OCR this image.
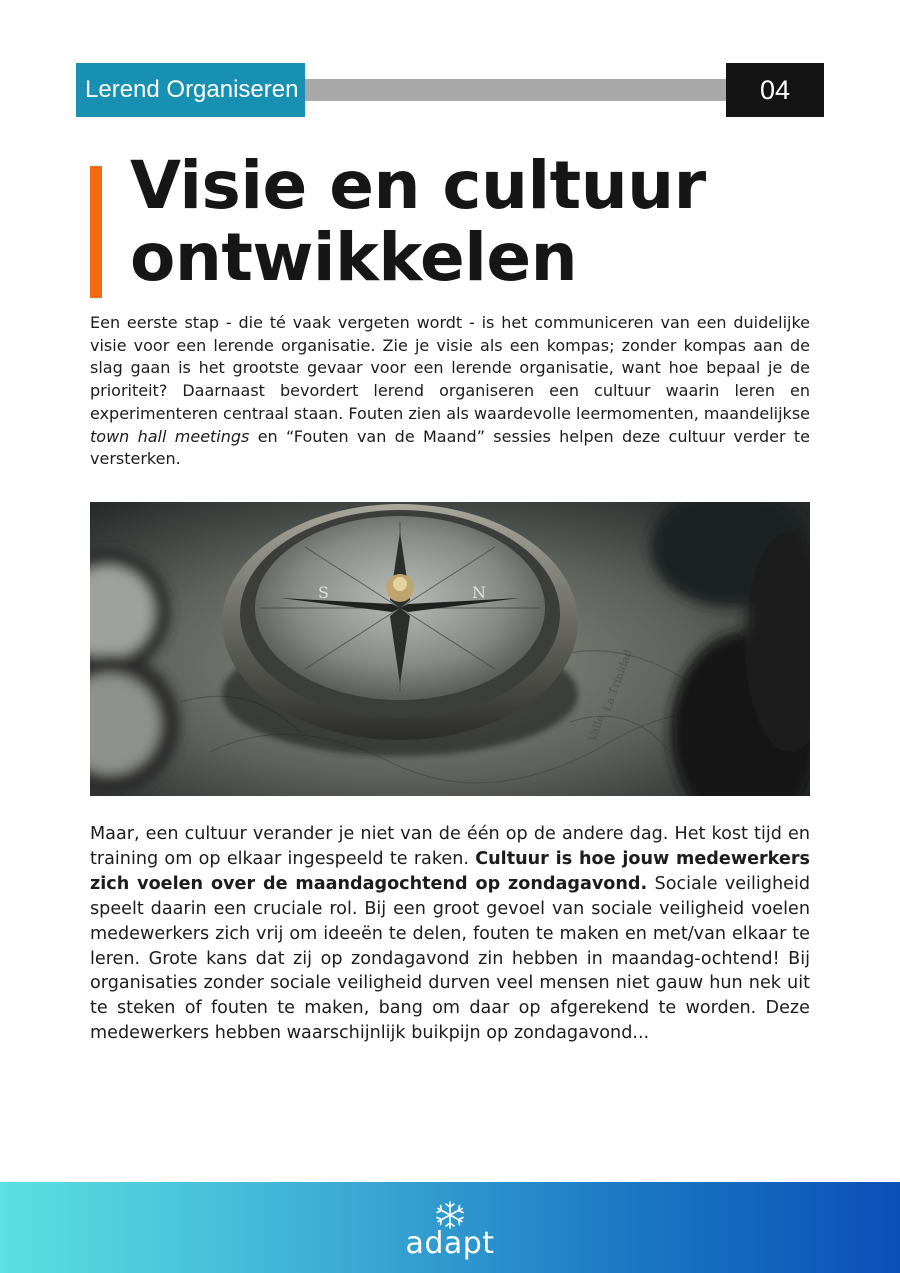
Lerend Organiseren	04
Visie en cultuur
ontwikkelen

Een eerste stap - die té vaak vergeten wordt - is het communiceren van een duidelijke visie voor een lerende organisatie. Zie je visie als een kompas; zonder kompas aan de slag gaan is het grootste gevaar voor een lerende organisatie, want hoe bepaal je de prioriteit? Daarnaast bevordert lerend organiseren een cultuur waarin leren en experimenteren centraal staan. Fouten zien als waardevolle leermomenten, maandelijkse town hall meetings en “Fouten van de Maand” sessies helpen deze cultuur verder te versterken.

La Trinidad
Valle
S	N

Maar, een cultuur verander je niet van de één op de andere dag. Het kost tijd en training om op elkaar ingespeeld te raken. Cultuur is hoe jouw medewerkers zich voelen over de maandagochtend op zondagavond. Sociale veiligheid speelt daarin een cruciale rol. Bij een groot gevoel van sociale veiligheid voelen medewerkers zich vrij om ideeën te delen, fouten te maken en met/van elkaar te leren. Grote kans dat zij op zondagavond zin hebben in maandag-ochtend! Bij organisaties zonder sociale veiligheid durven veel mensen niet gauw hun nek uit te steken of fouten te maken, bang om daar op afgerekend te worden. Deze medewerkers hebben waarschijnlijk buikpijn op zondagavond...

adapt
